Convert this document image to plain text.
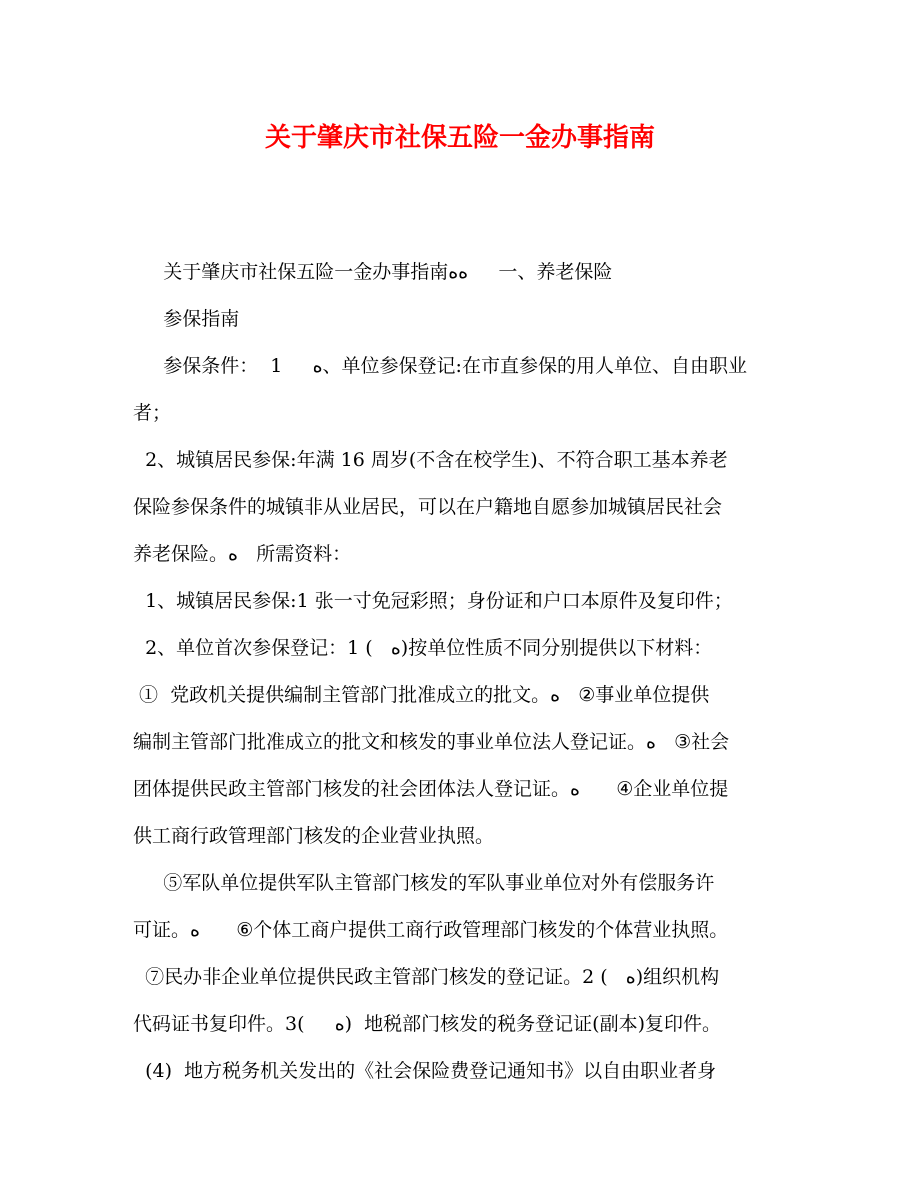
关于肇庆市社保五险一金办事指南
关于肇庆市社保五险一金办事指南ﻩﻩ     一、养老保险
参保指南
参保条件：  1     ﻩ、单位参保登记:在市直参保的用人单位、自由职业
者；
2、城镇居民参保:年满 16 周岁(不含在校学生)、不符合职工基本养老
保险参保条件的城镇非从业居民，可以在户籍地自愿参加城镇居民社会
养老保险。ﻩ   所需资料：
1、城镇居民参保:1 张一寸免冠彩照；身份证和户口本原件及复印件；
2、单位首次参保登记：1 (   ﻩ)按单位性质不同分别提供以下材料：
①  党政机关提供编制主管部门批准成立的批文。ﻩ   ②事业单位提供
编制主管部门批准成立的批文和核发的事业单位法人登记证。ﻩ   ③社会
团体提供民政主管部门核发的社会团体法人登记证。ﻩ      ④企业单位提
供工商行政管理部门核发的企业营业执照。
⑤军队单位提供军队主管部门核发的军队事业单位对外有偿服务许
可证。ﻩ      ⑥个体工商户提供工商行政管理部门核发的个体营业执照。
⑦民办非企业单位提供民政主管部门核发的登记证。2 (   ﻩ)组织机构
代码证书复印件。3(     ﻩ)  地税部门核发的税务登记证(副本)复印件。
(4)  地方税务机关发出的《社会保险费登记通知书》以自由职业者身
